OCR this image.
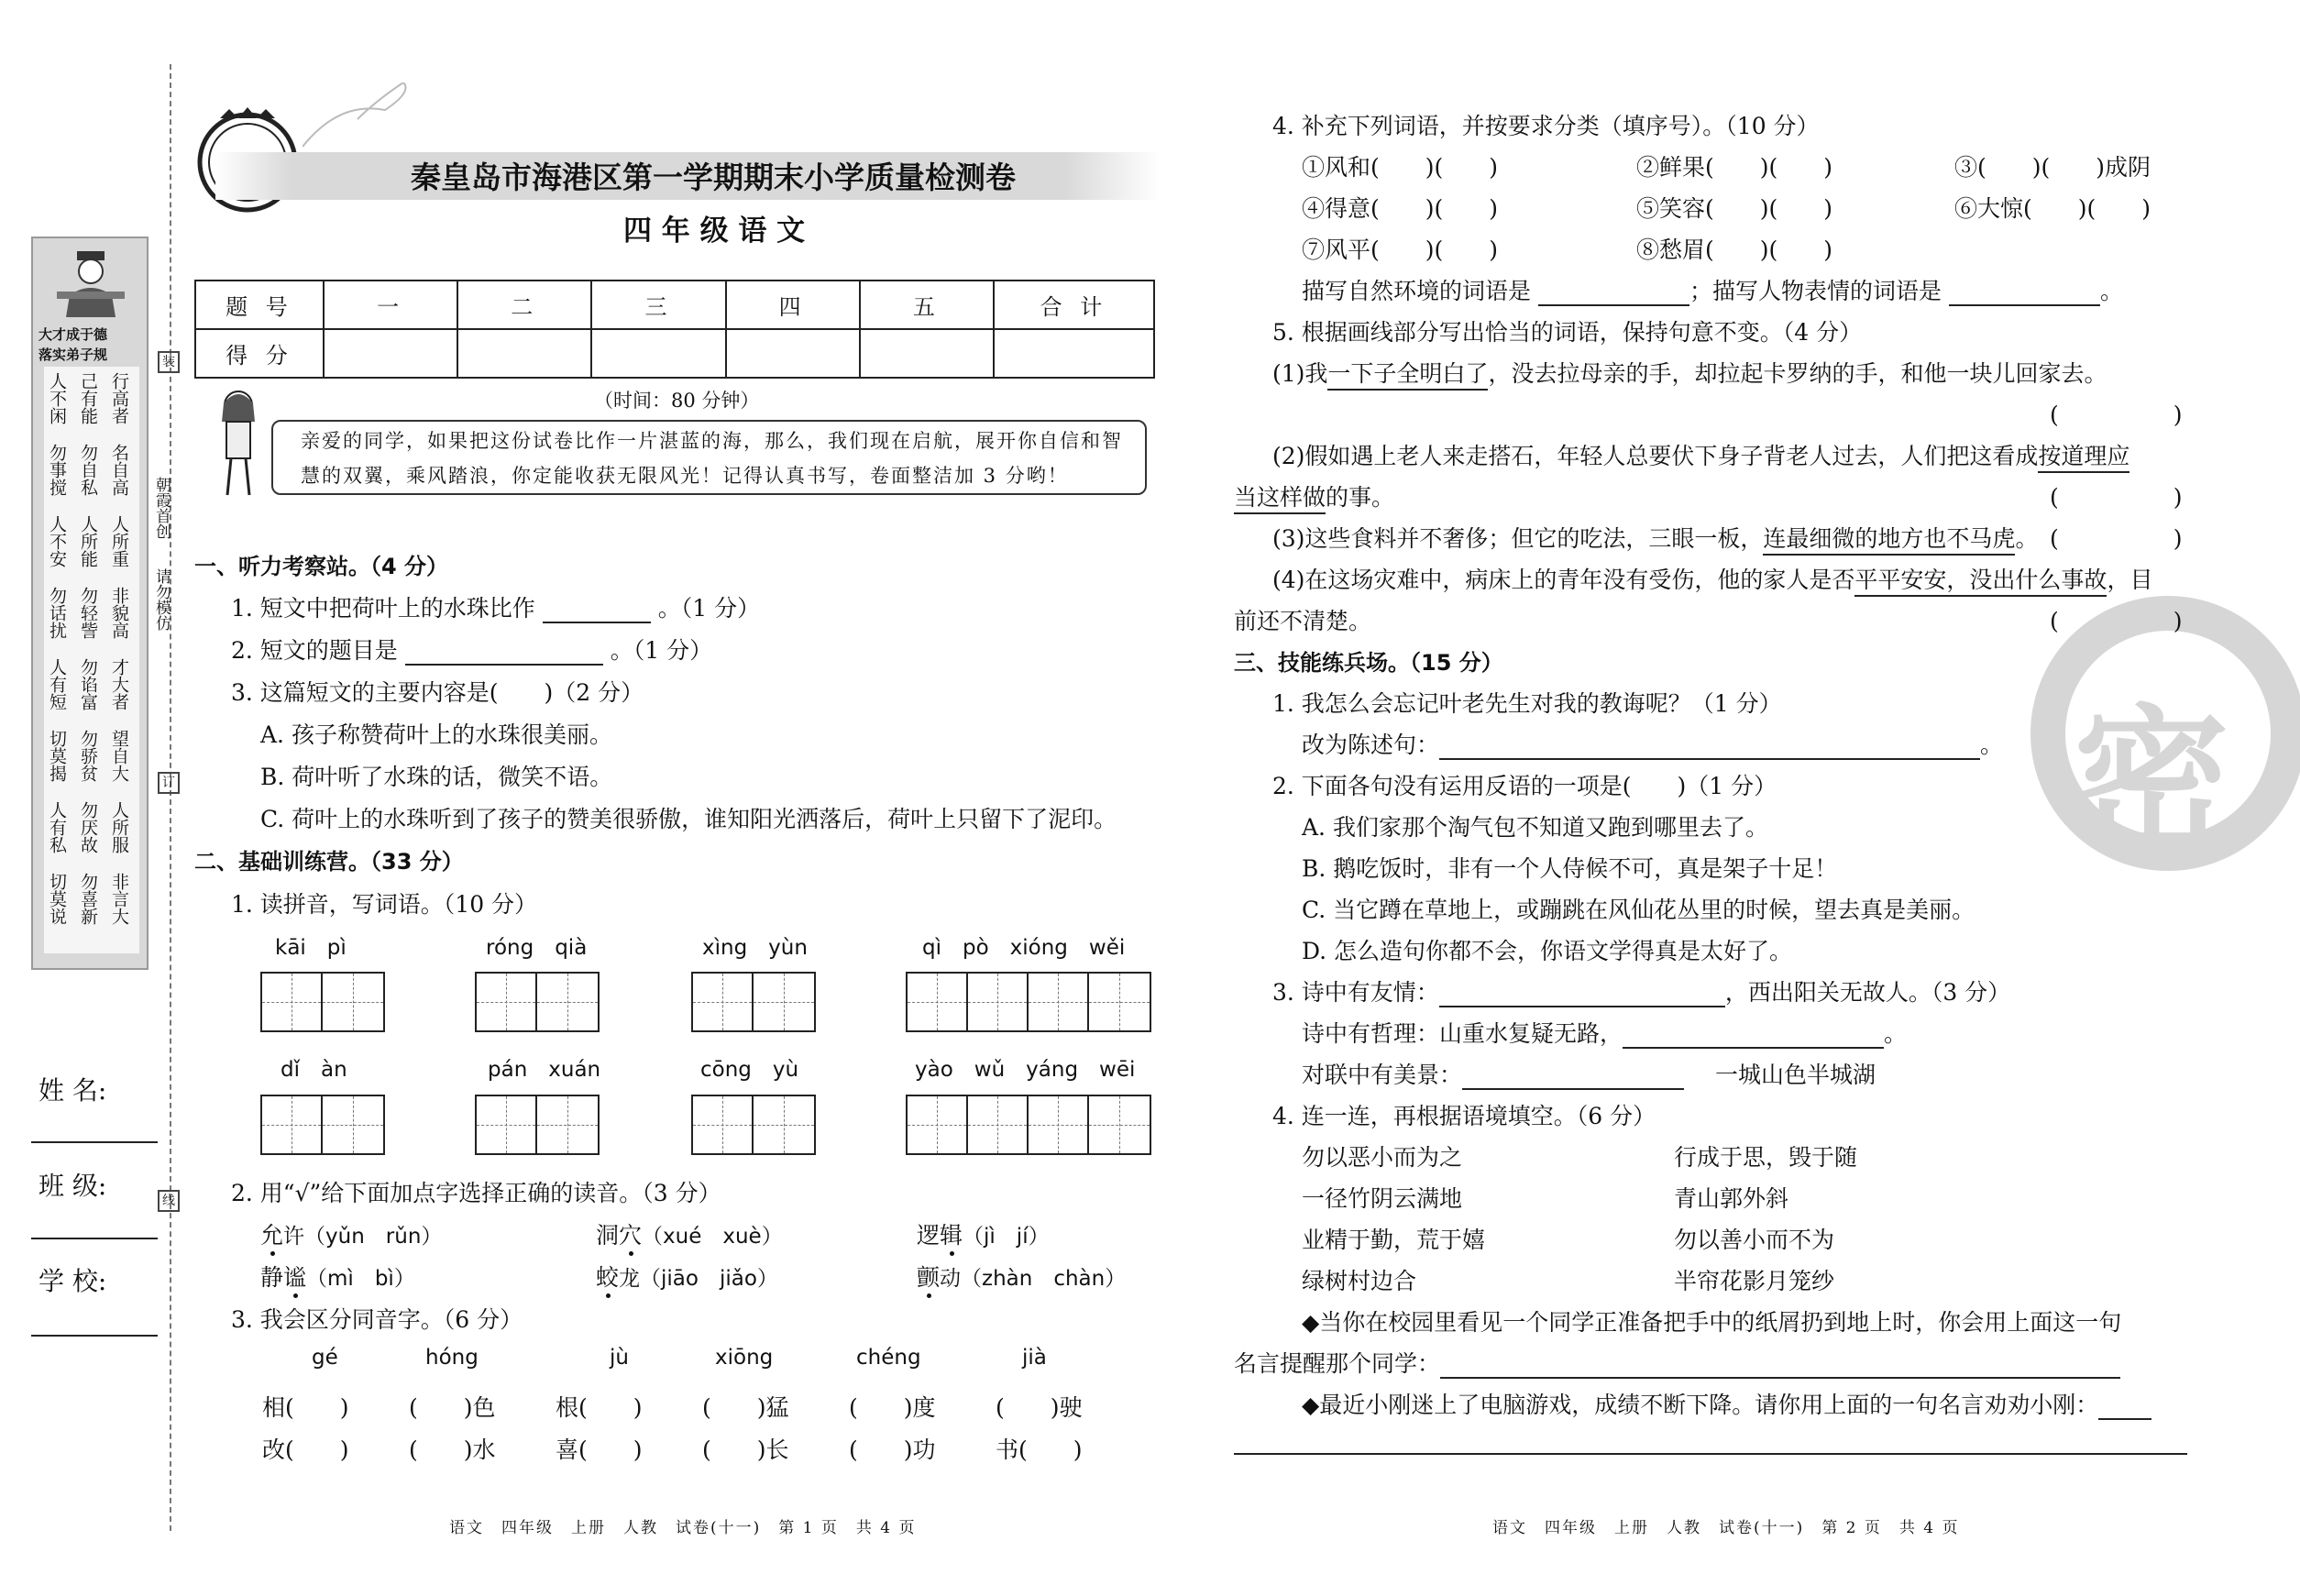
大才成于德
落实弟子规
人不闲 己有能 行高者
勿事搅 勿自私 名自高
人不安 人所能 人所重
勿话扰 勿轻訾 非貌高
人有短 勿谄富 才大者
切莫揭 勿骄贫 望自大
人有私 勿厌故 人所服
切莫说 勿喜新 非言大
姓 名:
班 级:
学 校:
朝霞首创
请勿模仿
装
订
线
秦皇岛市海港区第一学期期末小学质量检测卷
四 年 级 语 文
题 号	一	二	三	四	五	合 计
得 分						
（时间：80 分钟）
亲爱的同学，如果把这份试卷比作一片湛蓝的海，那么，我们现在启航，展开你自信和智慧的双翼，乘风踏浪，你定能收获无限风光！记得认真书写，卷面整洁加 3 分哟！
一、听力考察站。（4 分）
1. 短文中把荷叶上的水珠比作	。（1 分）
2. 短文的题目是	。（1 分）
3. 这篇短文的主要内容是(　　)（2 分）
A. 孩子称赞荷叶上的水珠很美丽。
B. 荷叶听了水珠的话，微笑不语。
C. 荷叶上的水珠听到了孩子的赞美很骄傲，谁知阳光洒落后，荷叶上只留下了泥印。
二、基础训练营。（33 分）
1. 读拼音，写词语。（10 分）
kāi　pì	róng　qià	xìng　yùn	qì　pò　xióng　wěi
dǐ　àn	pán　xuán	cōng　yù	yào　wǔ　yáng　wēi
2. 用“√”给下面加点字选择正确的读音。（3 分）
允许（yǔn　rǔn）	洞穴（xué　xuè）	逻辑（jì　jí）
静谧（mì　bì）	蛟龙（jiāo　jiǎo）	颤动（zhàn　chàn）
3. 我会区分同音字。（6 分）
gé	hóng	jù	xiōng	chéng	jià
相(　　)	(　　)色	根(　　)	(　　)猛	(　　)度	(　　)驶
改(　　)	(　　)水	喜(　　)	(　　)长	(　　)功	书(　　)
语文　四年级　上册　人教　试卷(十一)　第 1 页　共 4 页
密
4. 补充下列词语，并按要求分类（填序号）。（10 分）
①风和(　　)(　　)	②鲜果(　　)(　　)	③(　　)(　　)成阴
④得意(　　)(　　)	⑤笑容(　　)(　　)	⑥大惊(　　)(　　)
⑦风平(　　)(　　)	⑧愁眉(　　)(　　)
描写自然环境的词语是	；描写人物表情的词语是	。
5. 根据画线部分写出恰当的词语，保持句意不变。（4 分）
(1)我一下子全明白了，没去拉母亲的手，却拉起卡罗纳的手，和他一块儿回家去。
(　　　　　)
(2)假如遇上老人来走搭石，年轻人总要伏下身子背老人过去，人们把这看成按道理应
当这样做的事。	(　　　　　)
(3)这些食料并不奢侈；但它的吃法，三眼一板，连最细微的地方也不马虎。 (　　　　　)
(4)在这场灾难中，病床上的青年没有受伤，他的家人是否平平安安，没出什么事故，目
前还不清楚。	(　　　　　)
三、技能练兵场。（15 分）
1. 我怎么会忘记叶老先生对我的教诲呢？（1 分）
改为陈述句：	。
2. 下面各句没有运用反语的一项是(　　)（1 分）
A. 我们家那个淘气包不知道又跑到哪里去了。
B. 鹅吃饭时，非有一个人侍候不可，真是架子十足！
C. 当它蹲在草地上，或蹦跳在风仙花丛里的时候，望去真是美丽。
D. 怎么造句你都不会，你语文学得真是太好了。
3. 诗中有友情：	，西出阳关无故人。（3 分）
诗中有哲理：山重水复疑无路，	。
对联中有美景：	一城山色半城湖
4. 连一连，再根据语境填空。（6 分）
勿以恶小而为之
一径竹阴云满地
业精于勤，荒于嬉
绿树村边合
行成于思，毁于随
青山郭外斜
勿以善小而不为
半帘花影月笼纱
◆当你在校园里看见一个同学正准备把手中的纸屑扔到地上时，你会用上面这一句
名言提醒那个同学：
◆最近小刚迷上了电脑游戏，成绩不断下降。请你用上面的一句名言劝劝小刚：
语文　四年级　上册　人教　试卷(十一)　第 2 页　共 4 页
